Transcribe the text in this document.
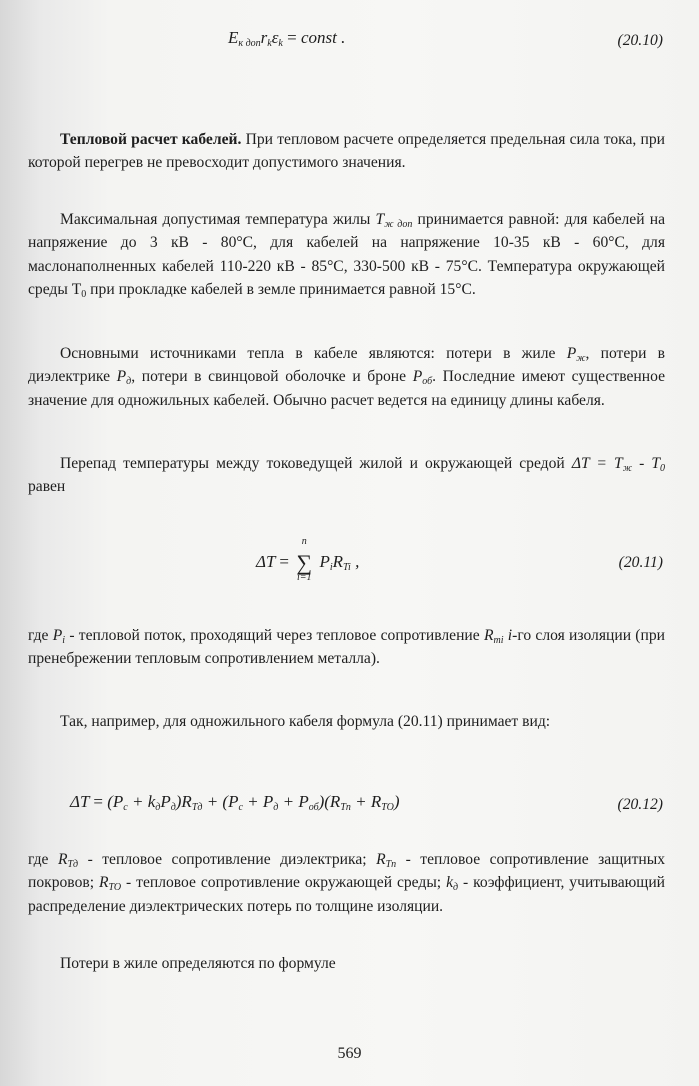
$E_{к доп}r_k\varepsilon_k$ = const .	(20.10)

Тепловой расчет кабелей. При тепловом расчете определяется предельная сила тока, при которой перегрев не превосходит допустимого значения.

Максимальная допустимая температура жилы $T_{ж доп}$ принимается равной: для кабелей на напряжение до 3 кВ - 80°С, для кабелей на напряжение 10-35 кВ - 60°С, для маслонаполненных кабелей 110-220 кВ - 85°С, 330-500 кВ - 75°С. Температура окружающей среды $Т_0$ при прокладке кабелей в земле принимается равной 15°С.

Основными источниками тепла в кабеле являются: потери в жиле $P_ж$, потери в диэлектрике $P_д$, потери в свинцовой оболочке и броне $P_{об}$. Последние имеют существенное значение для одножильных кабелей. Обычно расчет ведется на единицу длины кабеля.

Перепад температуры между токоведущей жилой и окружающей средой $\Delta T = T_ж - T_0$ равен

ΔT =
n
∑
i=1
$P_iR_{Ti}$ ,	(20.11)

где $P_i$ - тепловой поток, проходящий через тепловое сопротивление $R_{тi}$ i-го слоя изоляции (при пренебрежении тепловым сопротивлением металла).

Так, например, для одножильного кабеля формула (20.11) принимает вид:

$\Delta T = (P_c + k_дP_д)R_{Tд} + (P_c + P_д + P_{об})(R_{Tп} + R_{TO})$	(20.12)

где $R_{Tд}$ - тепловое сопротивление диэлектрика; $R_{Tп}$ - тепловое сопротивление защитных покровов; $R_{TO}$ - тепловое сопротивление окружающей среды; $k_д$ - коэффициент, учитывающий распределение диэлектрических потерь по толщине изоляции.

Потери в жиле определяются по формуле

569
